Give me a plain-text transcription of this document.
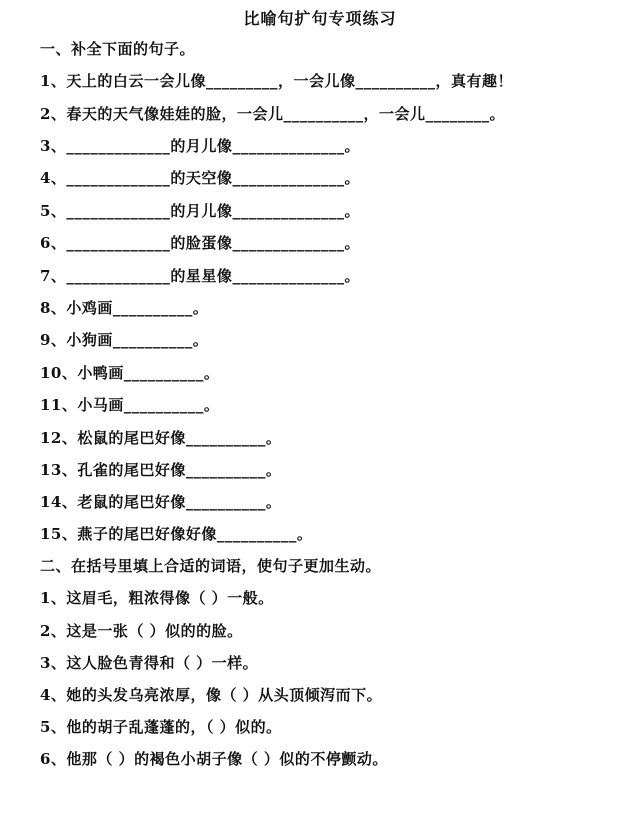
比喻句扩句专项练习
一、补全下面的句子。
1、天上的白云一会儿像_________，一会儿像__________，真有趣！
2、春天的天气像娃娃的脸，一会儿__________，一会儿________。
3、_____________的月儿像______________。
4、_____________的天空像______________。
5、_____________的月儿像______________。
6、_____________的脸蛋像______________。
7、_____________的星星像______________。
8、小鸡画__________。
9、小狗画__________。
10、小鸭画__________。
11、小马画__________。
12、松鼠的尾巴好像__________。
13、孔雀的尾巴好像__________。
14、老鼠的尾巴好像__________。
15、燕子的尾巴好像好像__________。
二、在括号里填上合适的词语，使句子更加生动。
1、这眉毛，粗浓得像（ ）一般。
2、这是一张（ ）似的的脸。
3、这人脸色青得和（ ）一样。
4、她的头发乌亮浓厚，像（ ）从头顶倾泻而下。
5、他的胡子乱蓬蓬的，（ ）似的。
6、他那（ ）的褐色小胡子像（ ）似的不停颤动。
